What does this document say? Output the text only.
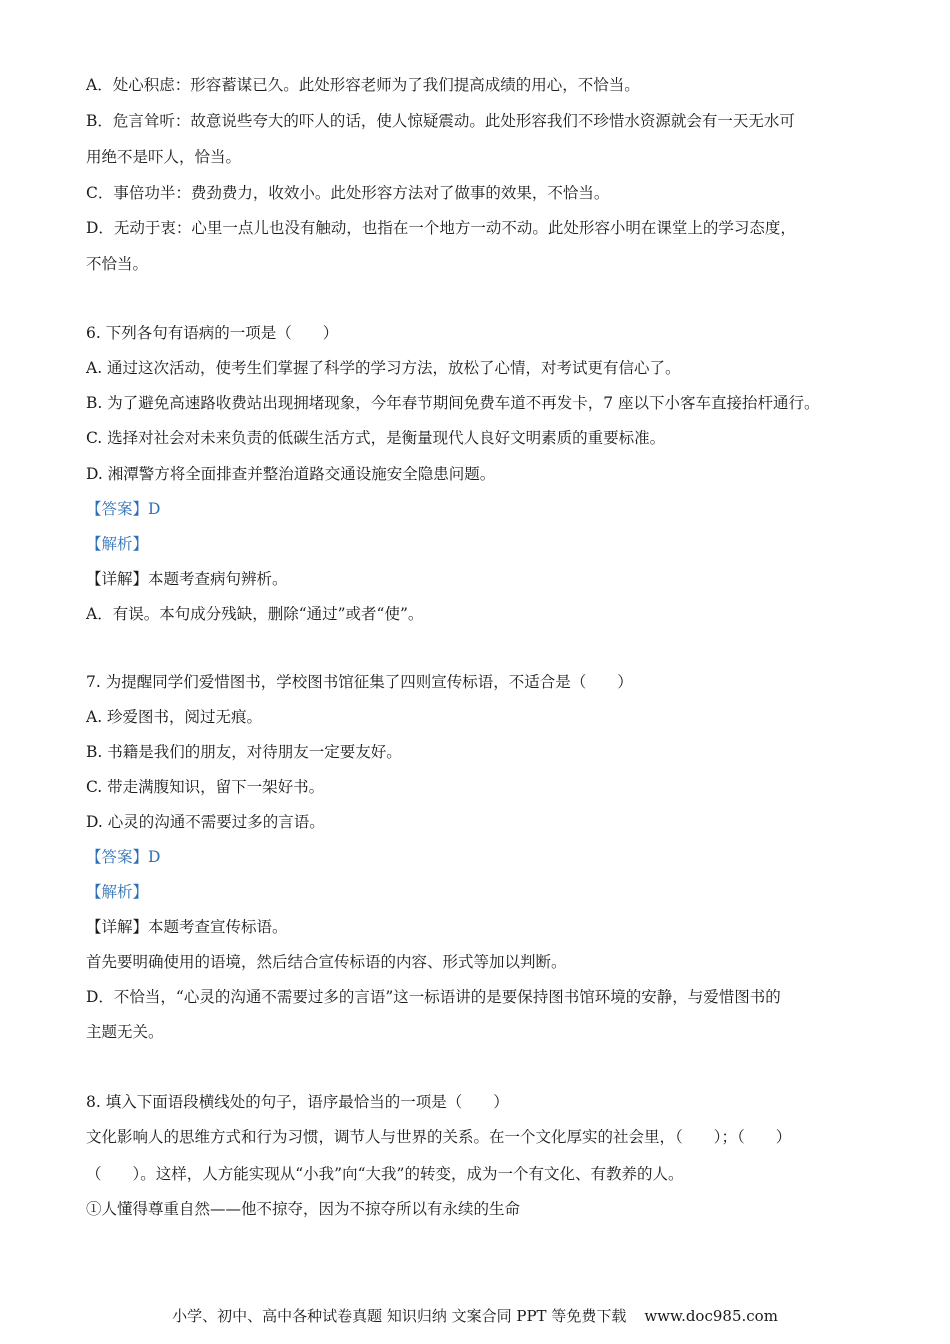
A．处心积虑：形容蓄谋已久。此处形容老师为了我们提高成绩的用心，不恰当。

B．危言耸听：故意说些夸大的吓人的话，使人惊疑震动。此处形容我们不珍惜水资源就会有一天无水可

用绝不是吓人，恰当。

C．事倍功半：费劲费力，收效小。此处形容方法对了做事的效果，不恰当。

D．无动于衷：心里一点儿也没有触动，也指在一个地方一动不动。此处形容小明在课堂上的学习态度，

不恰当。

6. 下列各句有语病的一项是（　　）

A. 通过这次活动，使考生们掌握了科学的学习方法，放松了心情，对考试更有信心了。

B. 为了避免高速路收费站出现拥堵现象，今年春节期间免费车道不再发卡，7 座以下小客车直接抬杆通行。

C. 选择对社会对未来负责的低碳生活方式，是衡量现代人良好文明素质的重要标准。

D. 湘潭警方将全面排查并整治道路交通设施安全隐患问题。

【答案】D

【解析】

【详解】本题考查病句辨析。

A．有误。本句成分残缺，删除“通过”或者“使”。

7. 为提醒同学们爱惜图书，学校图书馆征集了四则宣传标语，不适合是（　　）

A. 珍爱图书，阅过无痕。

B. 书籍是我们的朋友，对待朋友一定要友好。

C. 带走满腹知识，留下一架好书。

D. 心灵的沟通不需要过多的言语。

【答案】D

【解析】

【详解】本题考查宣传标语。

首先要明确使用的语境，然后结合宣传标语的内容、形式等加以判断。

D．不恰当，“心灵的沟通不需要过多的言语”这一标语讲的是要保持图书馆环境的安静，与爱惜图书的

主题无关。

8. 填入下面语段横线处的句子，语序最恰当的一项是（　　）

文化影响人的思维方式和行为习惯，调节人与世界的关系。在一个文化厚实的社会里，（　　）；（　　）

（　　）。这样，人方能实现从“小我”向“大我”的转变，成为一个有文化、有教养的人。

①人懂得尊重自然——他不掠夺，因为不掠夺所以有永续的生命

小学、初中、高中各种试卷真题 知识归纳 文案合同 PPT 等免费下载 www.doc985.com
